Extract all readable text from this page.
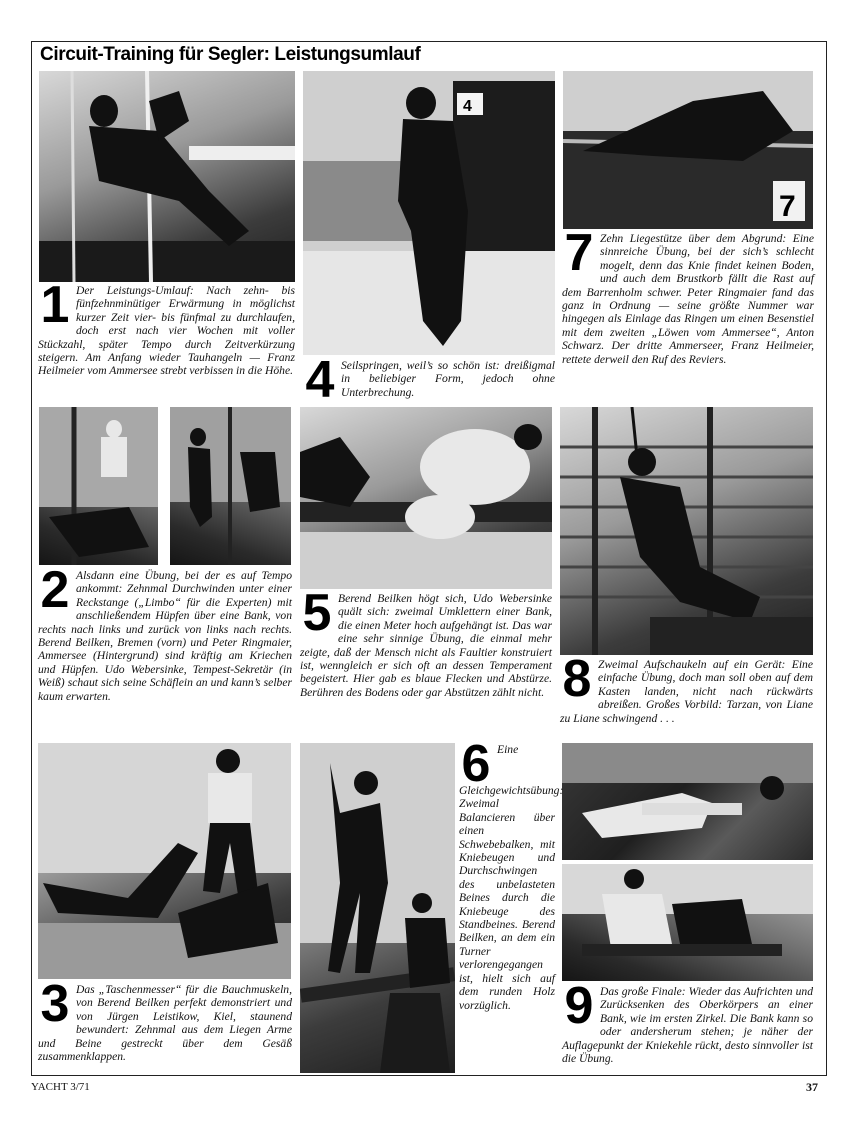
Circuit-Training für Segler: Leistungsumlauf
4
7
1 Der Leistungs-Umlauf: Nach zehn- bis fünfzehnminütiger Erwärmung in möglichst kurzer Zeit vier- bis fünfmal zu durchlaufen, doch erst nach vier Wochen mit voller Stückzahl, später Tempo durch Zeitverkürzung steigern. Am Anfang wieder Tauhangeln — Franz Heilmeier vom Ammersee strebt verbissen in die Höhe. 4 Seilspringen, weil’s so schön ist: dreißigmal in beliebiger Form, jedoch ohne Unterbrechung.
7 Zehn Liegestütze über dem Abgrund: Eine sinnreiche Übung, bei der sich’s schlecht mogelt, denn das Knie findet keinen Boden, und auch dem Brustkorb fällt die Rast auf dem Barrenholm schwer. Peter Ringmaier fand das ganz in Ordnung — seine größte Nummer war hingegen als Einlage das Ringen um einen Besenstiel mit dem zweiten „Löwen vom Ammersee“, Anton Schwarz. Der dritte Ammerseer, Franz Heilmeier, rettete derweil den Ruf des Reviers.
2 Alsdann eine Übung, bei der es auf Tempo ankommt: Zehnmal Durchwinden unter einer Reckstange („Limbo“ für die Experten) mit anschließendem Hüpfen über eine Bank, von rechts nach links und zurück von links nach rechts. Berend Beilken, Bremen (vorn) und Peter Ringmaier, Ammersee (Hintergrund) sind kräftig am Kriechen und Hüpfen. Udo Webersinke, Tempest-Sekretär (in Weiß) schaut sich seine Schäflein an und kann’s selber kaum erwarten.
5 Berend Beilken högt sich, Udo Webersinke quält sich: zweimal Umklettern einer Bank, die einen Meter hoch aufgehängt ist. Das war eine sehr sinnige Übung, die einmal mehr zeigte, daß der Mensch nicht als Faultier konstruiert ist, wenngleich er sich oft an dessen Temperament begeistert. Hier gab es blaue Flecken und Abstürze. Berühren des Bodens oder gar Abstützen zählt nicht. 8 Zweimal Aufschaukeln auf ein Gerät: Eine einfache Übung, doch man soll oben auf dem Kasten landen, nicht nach rückwärts abreißen. Großes Vorbild: Tarzan, von Liane zu Liane schwingend . . .
3 Das „Taschenmesser“ für die Bauchmuskeln, von Berend Beilken perfekt demonstriert und von Jürgen Leistikow, Kiel, staunend bewundert: Zehnmal aus dem Liegen Arme und Beine gestreckt über dem Gesäß zusammenklappen.
6 Eine Gleichgewichtsübung: Zweimal Balancieren über einen Schwebebalken, mit Kniebeugen und Durchschwingen des unbelasteten Beines durch die Kniebeuge des Standbeines. Berend Beilken, an dem ein Turner verlorengegangen ist, hielt sich auf dem runden Holz vorzüglich.	9 Das große Finale: Wieder das Aufrichten und Zurücksenken des Oberkörpers an einer Bank, wie im ersten Zirkel. Die Bank kann so oder andersherum stehen; je näher der Auflagepunkt der Kniekehle rückt, desto sinnvoller ist die Übung.
YACHT 3/71	37
